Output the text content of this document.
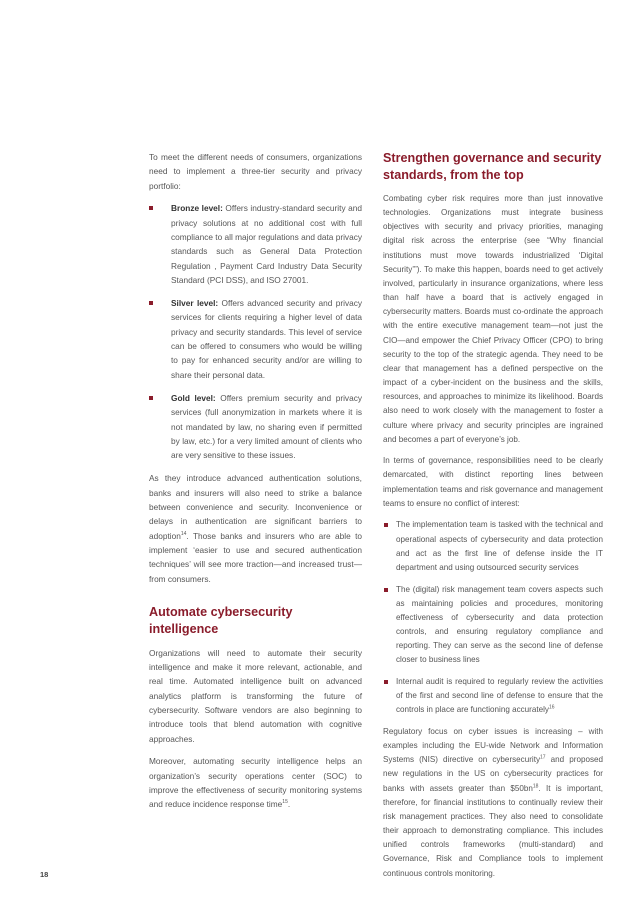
To meet the different needs of consumers, organizations need to implement a three-tier security and privacy portfolio:

Bronze level: Offers industry-standard security and privacy solutions at no additional cost with full compliance to all major regulations and data privacy standards such as General Data Protection Regulation , Payment Card Industry Data Security Standard (PCI DSS), and ISO 27001.

Silver level: Offers advanced security and privacy services for clients requiring a higher level of data privacy and security standards. This level of service can be offered to consumers who would be willing to pay for enhanced security and/or are willing to share their personal data.

Gold level: Offers premium security and privacy services (full anonymization in markets where it is not mandated by law, no sharing even if permitted by law, etc.) for a very limited amount of clients who are very sensitive to these issues.

As they introduce advanced authentication solutions, banks and insurers will also need to strike a balance between convenience and security. Inconvenience or delays in authentication are significant barriers to adoption$^{14}$. Those banks and insurers who are able to implement ‘easier to use and secured authentication techniques’ will see more traction—and increased trust—from consumers.

Automate cybersecurity intelligence

Organizations will need to automate their security intelligence and make it more relevant, actionable, and real time. Automated intelligence built on advanced analytics platform is transforming the future of cybersecurity. Software vendors are also beginning to introduce tools that blend automation with cognitive approaches.

Moreover, automating security intelligence helps an organization’s security operations center (SOC) to improve the effectiveness of security monitoring systems and reduce incidence response time$^{15}$.

Strengthen governance and security standards, from the top

Combating cyber risk requires more than just innovative technologies. Organizations must integrate business objectives with security and privacy priorities, managing digital risk across the enterprise (see “Why financial institutions must move towards industrialized ‘Digital Security’”). To make this happen, boards need to get actively involved, particularly in insurance organizations, where less than half have a board that is actively engaged in cybersecurity matters. Boards must co-ordinate the approach with the entire executive management team—not just the CIO—and empower the Chief Privacy Officer (CPO) to bring security to the top of the strategic agenda. They need to be clear that management has a defined perspective on the impact of a cyber-incident on the business and the skills, resources, and approaches to minimize its likelihood. Boards also need to work closely with the management to foster a culture where privacy and security principles are ingrained and becomes a part of everyone’s job.

In terms of governance, responsibilities need to be clearly demarcated, with distinct reporting lines between implementation teams and risk governance and management teams to ensure no conflict of interest:

The implementation team is tasked with the technical and operational aspects of cybersecurity and data protection and act as the first line of defense inside the IT department and using outsourced security services

The (digital) risk management team covers aspects such as maintaining policies and procedures, monitoring effectiveness of cybersecurity and data protection controls, and ensuring regulatory compliance and reporting. They can serve as the second line of defense closer to business lines

Internal audit is required to regularly review the activities of the first and second line of defense to ensure that the controls in place are functioning accurately$^{16}$

Regulatory focus on cyber issues is increasing – with examples including the EU-wide Network and Information Systems (NIS) directive on cybersecurity$^{17}$ and proposed new regulations in the US on cybersecurity practices for banks with assets greater than $\$50bn^{18}$. It is important, therefore, for financial institutions to continually review their risk management practices. They also need to consolidate their approach to demonstrating compliance. This includes unified controls frameworks (multi-standard) and Governance, Risk and Compliance tools to implement continuous controls monitoring.

18
